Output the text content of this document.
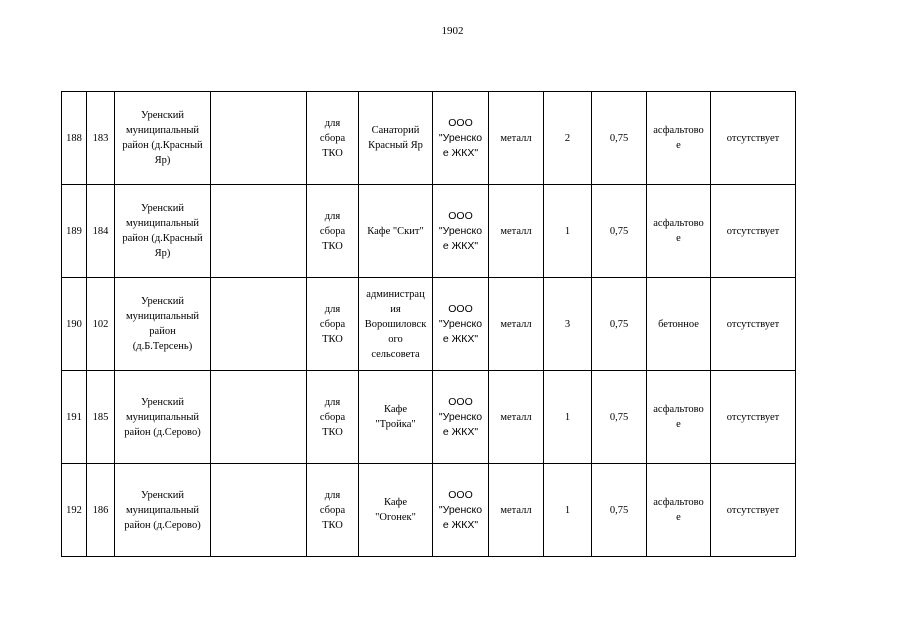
1902
188	183	Уренский
муниципальный
район (д.Красный
Яр)		для
сбора
ТКО	Санаторий
Красный Яр	ООО
"Уренско
е ЖКХ"	металл	2	0,75	асфальтово
е	отсутствует
189	184	Уренский
муниципальный
район (д.Красный
Яр)		для
сбора
ТКО	Кафе "Скит"	ООО
"Уренско
е ЖКХ"	металл	1	0,75	асфальтово
е	отсутствует
190	102	Уренский
муниципальный
район
(д.Б.Терсень)		для
сбора
ТКО	администрац
ия
Ворошиловск
ого
сельсовета	ООО
"Уренско
е ЖКХ"	металл	3	0,75	бетонное	отсутствует
191	185	Уренский
муниципальный
район (д.Серово)		для
сбора
ТКО	Кафе
"Тройка"	ООО
"Уренско
е ЖКХ"	металл	1	0,75	асфальтово
е	отсутствует
192	186	Уренский
муниципальный
район (д.Серово)		для
сбора
ТКО	Кафе
"Огонек"	ООО
"Уренско
е ЖКХ"	металл	1	0,75	асфальтово
е	отсутствует
